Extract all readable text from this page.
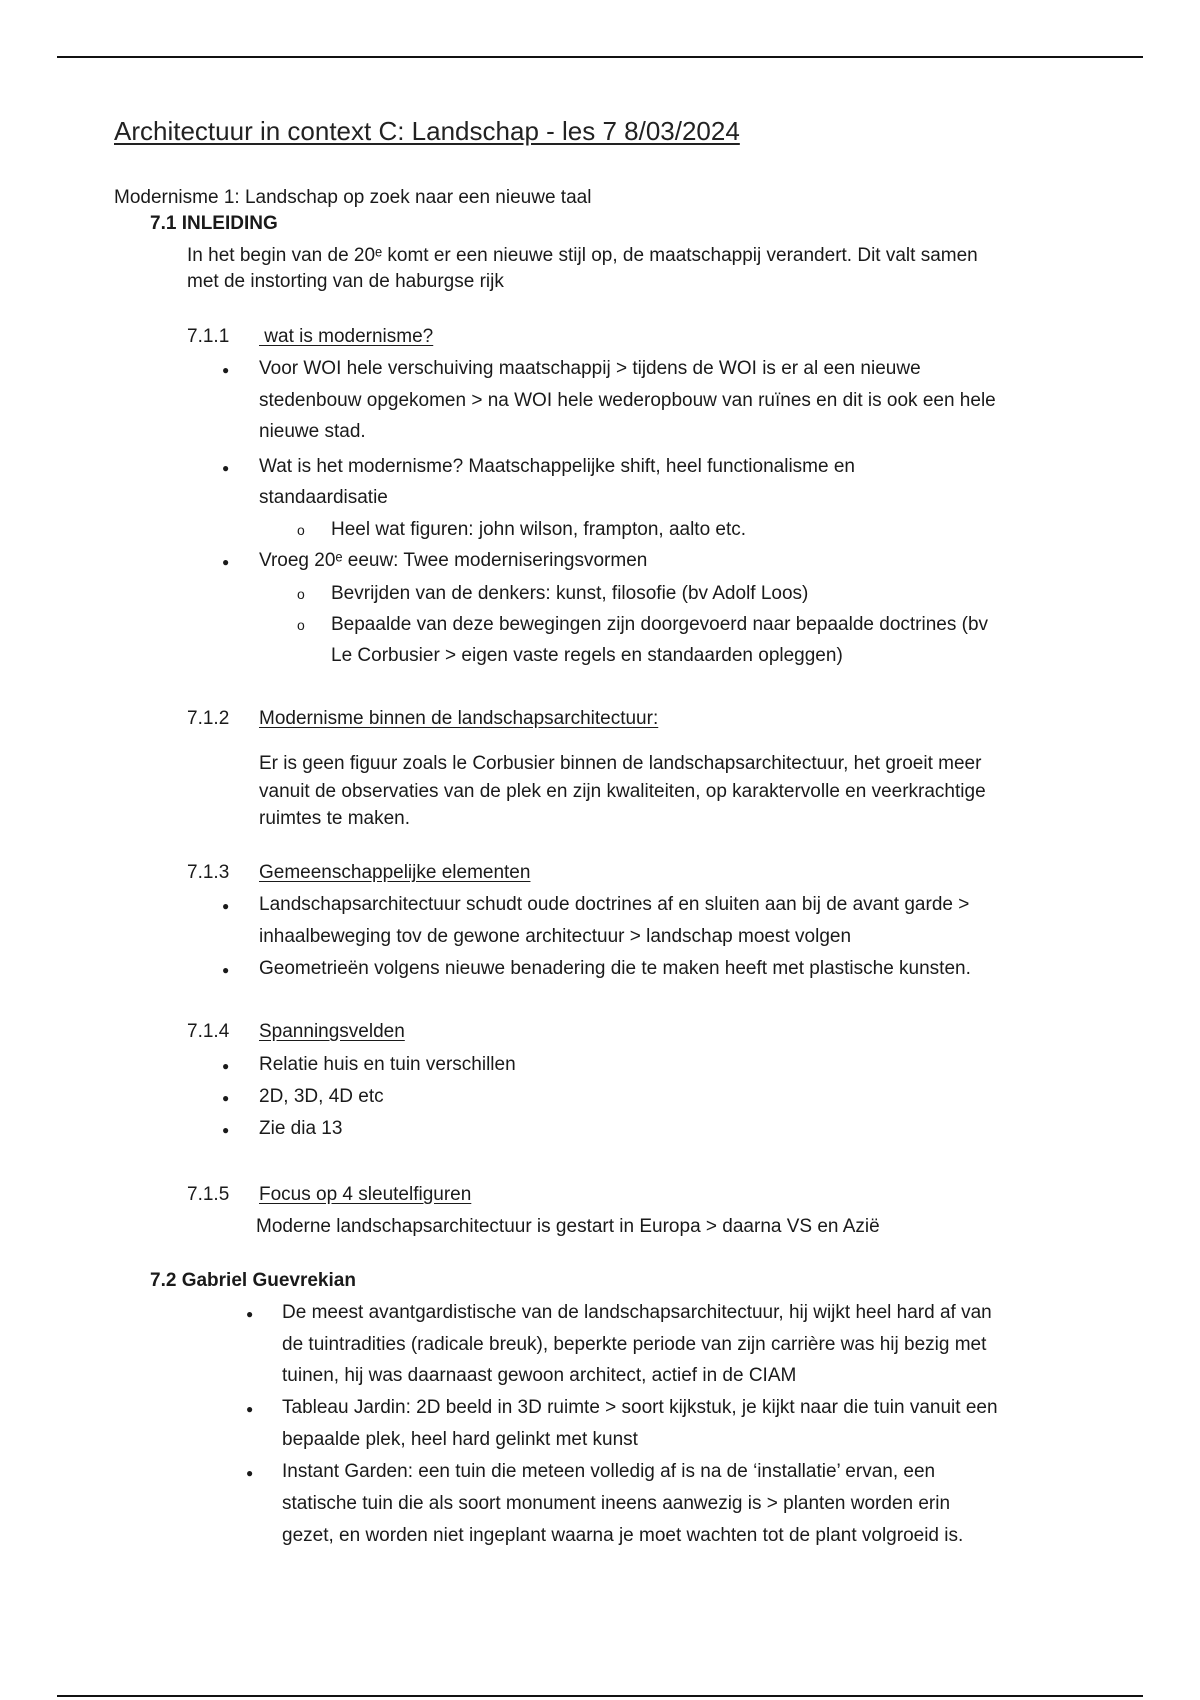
Architectuur in context C: Landschap - les 7 8/03/2024
Modernisme 1: Landschap op zoek naar een nieuwe taal
7.1 INLEIDING
In het begin van de 20ᵉ komt er een nieuwe stijl op, de maatschappij verandert. Dit valt samen
met de instorting van de haburgse rijk
7.1.1 wat is modernisme?
● Voor WOI hele verschuiving maatschappij > tijdens de WOI is er al een nieuwe
stedenbouw opgekomen > na WOI hele wederopbouw van ruïnes en dit is ook een hele
nieuwe stad.
● Wat is het modernisme? Maatschappelijke shift, heel functionalisme en
standaardisatie
o Heel wat figuren: john wilson, frampton, aalto etc.
● Vroeg 20ᵉ eeuw: Twee moderniseringsvormen
o Bevrijden van de denkers: kunst, filosofie (bv Adolf Loos)
o Bepaalde van deze bewegingen zijn doorgevoerd naar bepaalde doctrines (bv
Le Corbusier > eigen vaste regels en standaarden opleggen)
7.1.2 Modernisme binnen de landschapsarchitectuur:
Er is geen figuur zoals le Corbusier binnen de landschapsarchitectuur, het groeit meer
vanuit de observaties van de plek en zijn kwaliteiten, op karaktervolle en veerkrachtige
ruimtes te maken.
7.1.3 Gemeenschappelijke elementen
● Landschapsarchitectuur schudt oude doctrines af en sluiten aan bij de avant garde >
inhaalbeweging tov de gewone architectuur > landschap moest volgen
● Geometrieën volgens nieuwe benadering die te maken heeft met plastische kunsten.
7.1.4 Spanningsvelden
● Relatie huis en tuin verschillen
● 2D, 3D, 4D etc
● Zie dia 13
7.1.5 Focus op 4 sleutelfiguren
Moderne landschapsarchitectuur is gestart in Europa > daarna VS en Azië
7.2 Gabriel Guevrekian
● De meest avantgardistische van de landschapsarchitectuur, hij wijkt heel hard af van
de tuintradities (radicale breuk), beperkte periode van zijn carrière was hij bezig met
tuinen, hij was daarnaast gewoon architect, actief in de CIAM
● Tableau Jardin: 2D beeld in 3D ruimte > soort kijkstuk, je kijkt naar die tuin vanuit een
bepaalde plek, heel hard gelinkt met kunst
● Instant Garden: een tuin die meteen volledig af is na de ‘installatie’ ervan, een
statische tuin die als soort monument ineens aanwezig is > planten worden erin
gezet, en worden niet ingeplant waarna je moet wachten tot de plant volgroeid is.
